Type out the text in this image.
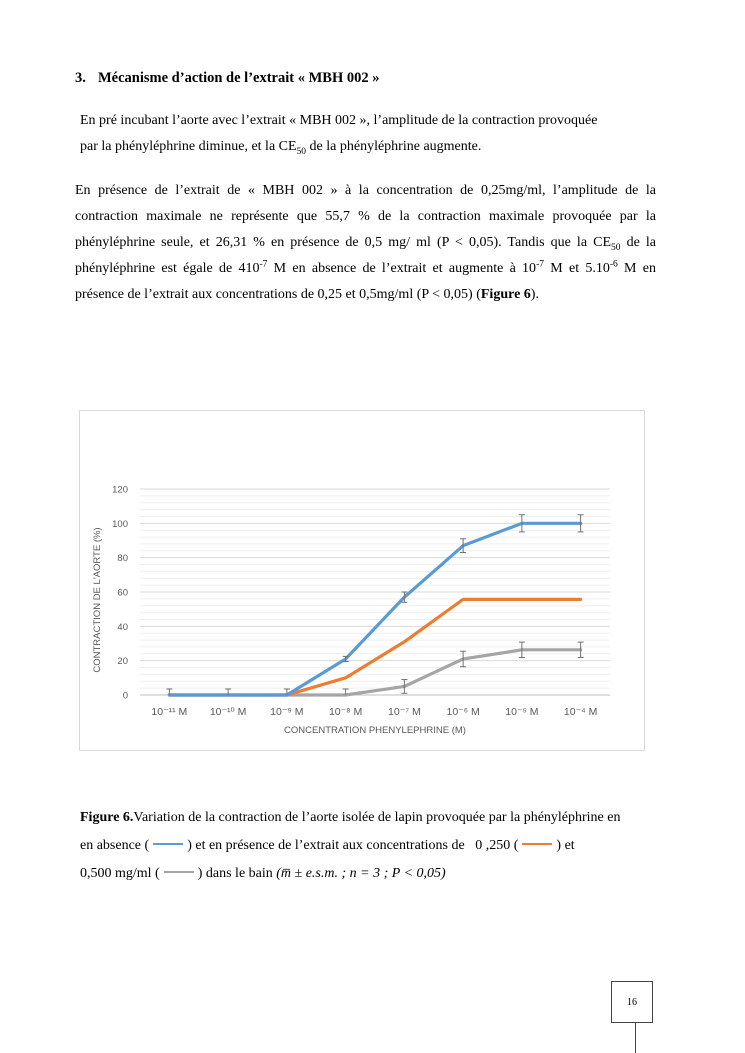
3. Mécanisme d’action de l’extrait « MBH 002 »
En pré incubant l’aorte avec l’extrait « MBH 002 », l’amplitude de la contraction provoquée
par la phényléphrine diminue, et la $CE_{50}$ de la phényléphrine augmente.
En présence de l’extrait de « MBH 002 » à la concentration de 0,25mg/ml, l’amplitude de la
contraction maximale ne représente que 55,7 % de la contraction maximale provoquée par la
phényléphrine seule, et 26,31 % en présence de 0,5 mg/ ml (P < 0,05). Tandis que la $CE_{50}$ de la
phényléphrine est égale de $410^{-7}$ M en absence de l’extrait et augmente à $10^{-7}$ M et $5.10^{-6}$ M en
présence de l’extrait aux concentrations de 0,25 et 0,5mg/ml (P < 0,05) (Figure 6).
0
20
40
60
80
100
120
10⁻¹¹ M 10⁻¹⁰ M 10⁻⁹ M 10⁻⁸ M 10⁻⁷ M 10⁻⁶ M 10⁻⁵ M 10⁻⁴ M
CONCENTRATION PHENYLEPHRINE (M)
CONTRACTION DE L'AORTE (%)
Figure 6.Variation de la contraction de l’aorte isolée de lapin provoquée par la phényléphrine en
en absence (	) et en présence de l’extrait aux concentrations de 0 ,250 (	) et
0,500 mg/ml (	) dans le bain (m̅ ± e.s.m. ; n = 3 ; P < 0,05)
16
